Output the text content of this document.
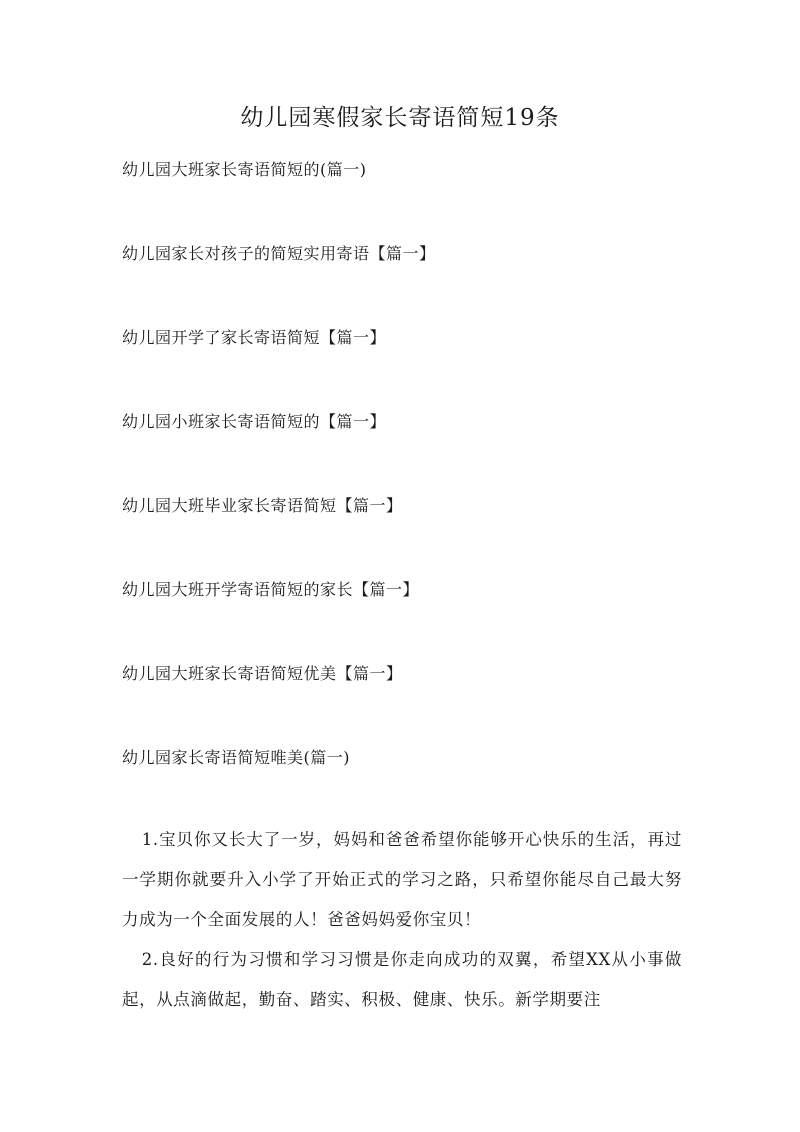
幼儿园寒假家长寄语简短19条
幼儿园大班家长寄语简短的(篇一)
幼儿园家长对孩子的简短实用寄语【篇一】
幼儿园开学了家长寄语简短【篇一】
幼儿园小班家长寄语简短的【篇一】
幼儿园大班毕业家长寄语简短【篇一】
幼儿园大班开学寄语简短的家长【篇一】
幼儿园大班家长寄语简短优美【篇一】
幼儿园家长寄语简短唯美(篇一)

1.宝贝你又长大了一岁，妈妈和爸爸希望你能够开心快乐的生活，再过一学期你就要升入小学了开始正式的学习之路，只希望你能尽自己最大努力成为一个全面发展的人！爸爸妈妈爱你宝贝！

2.良好的行为习惯和学习习惯是你走向成功的双翼，希望XX从小事做起，从点滴做起，勤奋、踏实、积极、健康、快乐。新学期要注
